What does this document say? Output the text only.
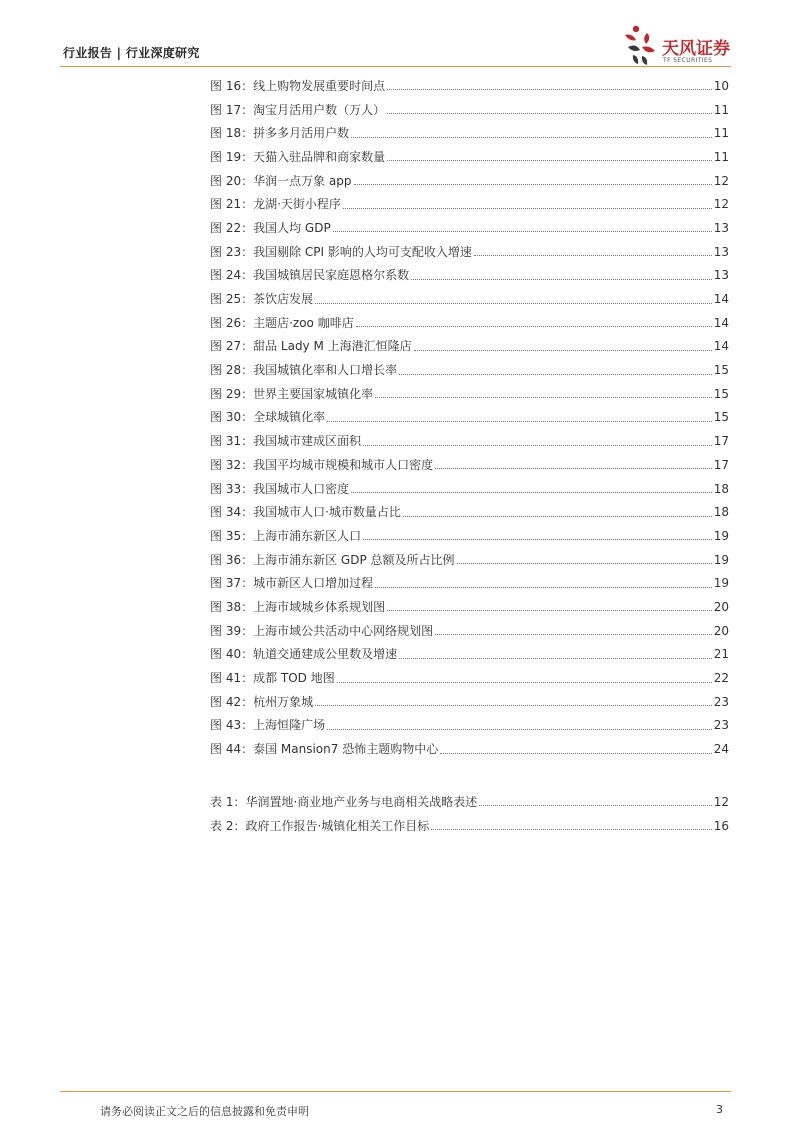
行业报告 | 行业深度研究	天风证券
TF SECURITIES
图 16：线上购物发展重要时间点	10
图 17：淘宝月活用户数（万人）	11
图 18：拼多多月活用户数	11
图 19：天猫入驻品牌和商家数量	11
图 20：华润一点万象 app	12
图 21：龙湖·天街小程序	12
图 22：我国人均 GDP	13
图 23：我国剔除 CPI 影响的人均可支配收入增速	13
图 24：我国城镇居民家庭恩格尔系数	13
图 25：茶饮店发展	14
图 26：主题店·zoo 咖啡店	14
图 27：甜品 Lady M 上海港汇恒隆店	14
图 28：我国城镇化率和人口增长率	15
图 29：世界主要国家城镇化率	15
图 30：全球城镇化率	15
图 31：我国城市建成区面积	17
图 32：我国平均城市规模和城市人口密度	17
图 33：我国城市人口密度	18
图 34：我国城市人口·城市数量占比	18
图 35：上海市浦东新区人口	19
图 36：上海市浦东新区 GDP 总额及所占比例	19
图 37：城市新区人口增加过程	19
图 38：上海市域城乡体系规划图	20
图 39：上海市域公共活动中心网络规划图	20
图 40：轨道交通建成公里数及增速	21
图 41：成都 TOD 地图	22
图 42：杭州万象城	23
图 43：上海恒隆广场	23
图 44：泰国 Mansion7 恐怖主题购物中心	24
表 1：华润置地·商业地产业务与电商相关战略表述	12
表 2：政府工作报告·城镇化相关工作目标	16
请务必阅读正文之后的信息披露和免责申明	3
